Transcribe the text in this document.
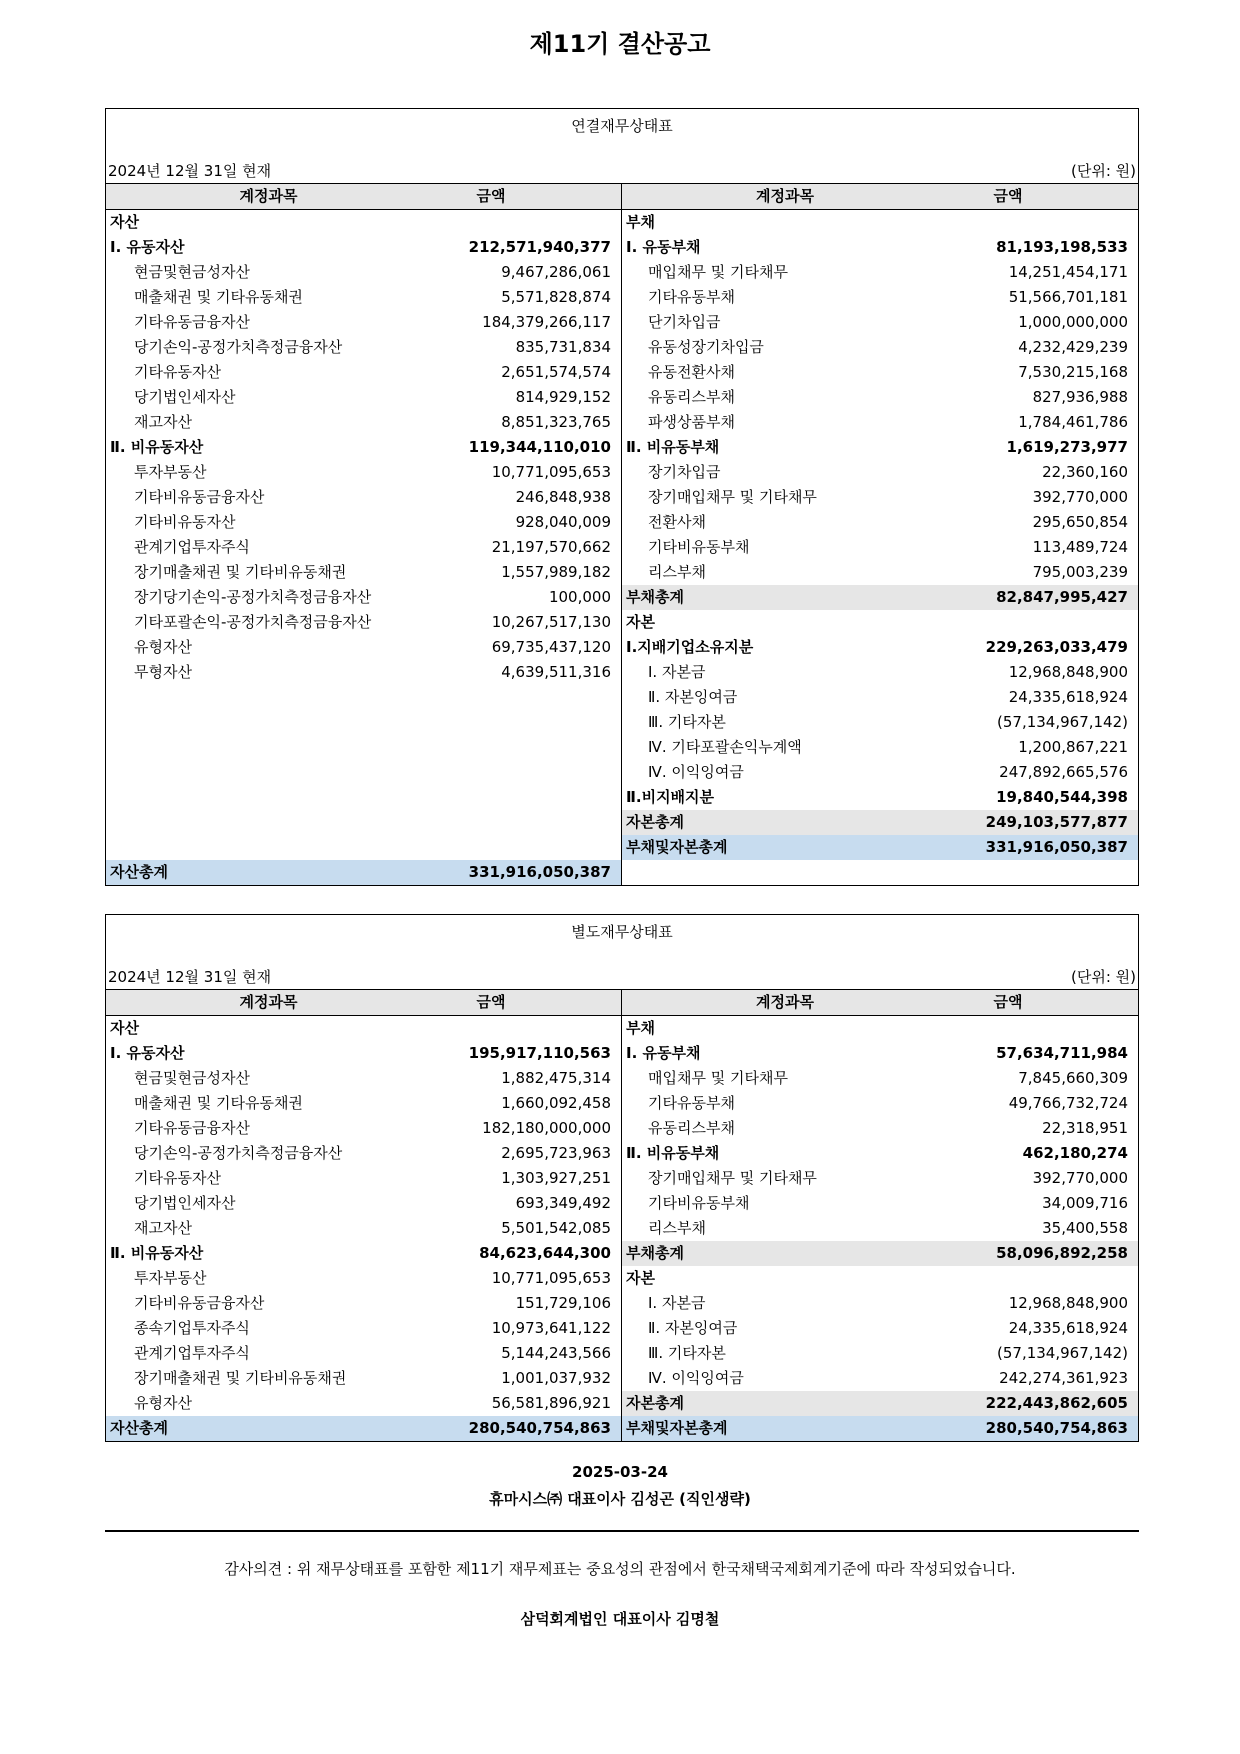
제11기 결산공고
연결재무상태표
2024년 12월 31일 현재	(단위: 원)
계정과목	금액
자산
Ⅰ. 유동자산	212,571,940,377
현금및현금성자산	9,467,286,061
매출채권 및 기타유동채권	5,571,828,874
기타유동금융자산	184,379,266,117
당기손익-공정가치측정금융자산	835,731,834
기타유동자산	2,651,574,574
당기법인세자산	814,929,152
재고자산	8,851,323,765
Ⅱ. 비유동자산	119,344,110,010
투자부동산	10,771,095,653
기타비유동금융자산	246,848,938
기타비유동자산	928,040,009
관계기업투자주식	21,197,570,662
장기매출채권 및 기타비유동채권	1,557,989,182
장기당기손익-공정가치측정금융자산	100,000
기타포괄손익-공정가치측정금융자산	10,267,517,130
유형자산	69,735,437,120
무형자산	4,639,511,316
자산총계	331,916,050,387
계정과목	금액
부채
Ⅰ. 유동부채	81,193,198,533
매입채무 및 기타채무	14,251,454,171
기타유동부채	51,566,701,181
단기차입금	1,000,000,000
유동성장기차입금	4,232,429,239
유동전환사채	7,530,215,168
유동리스부채	827,936,988
파생상품부채	1,784,461,786
Ⅱ. 비유동부채	1,619,273,977
장기차입금	22,360,160
장기매입채무 및 기타채무	392,770,000
전환사채	295,650,854
기타비유동부채	113,489,724
리스부채	795,003,239
부채총계	82,847,995,427
자본
Ⅰ.지배기업소유지분	229,263,033,479
Ⅰ. 자본금	12,968,848,900
Ⅱ. 자본잉여금	24,335,618,924
Ⅲ. 기타자본	(57,134,967,142)
Ⅳ. 기타포괄손익누계액	1,200,867,221
Ⅳ. 이익잉여금	247,892,665,576
Ⅱ.비지배지분	19,840,544,398
자본총계	249,103,577,877
부채및자본총계	331,916,050,387
별도재무상태표
2024년 12월 31일 현재	(단위: 원)
계정과목	금액
자산
Ⅰ. 유동자산	195,917,110,563
현금및현금성자산	1,882,475,314
매출채권 및 기타유동채권	1,660,092,458
기타유동금융자산	182,180,000,000
당기손익-공정가치측정금융자산	2,695,723,963
기타유동자산	1,303,927,251
당기법인세자산	693,349,492
재고자산	5,501,542,085
Ⅱ. 비유동자산	84,623,644,300
투자부동산	10,771,095,653
기타비유동금융자산	151,729,106
종속기업투자주식	10,973,641,122
관계기업투자주식	5,144,243,566
장기매출채권 및 기타비유동채권	1,001,037,932
유형자산	56,581,896,921
자산총계	280,540,754,863
계정과목	금액
부채
Ⅰ. 유동부채	57,634,711,984
매입채무 및 기타채무	7,845,660,309
기타유동부채	49,766,732,724
유동리스부채	22,318,951
Ⅱ. 비유동부채	462,180,274
장기매입채무 및 기타채무	392,770,000
기타비유동부채	34,009,716
리스부채	35,400,558
부채총계	58,096,892,258
자본
Ⅰ. 자본금	12,968,848,900
Ⅱ. 자본잉여금	24,335,618,924
Ⅲ. 기타자본	(57,134,967,142)
Ⅳ. 이익잉여금	242,274,361,923
자본총계	222,443,862,605
부채및자본총계	280,540,754,863
2025-03-24
휴마시스㈜ 대표이사 김성곤 (직인생략)
감사의견 : 위 재무상태표를 포함한 제11기 재무제표는 중요성의 관점에서 한국채택국제회계기준에 따라 작성되었습니다.
삼덕회계법인 대표이사 김명철
